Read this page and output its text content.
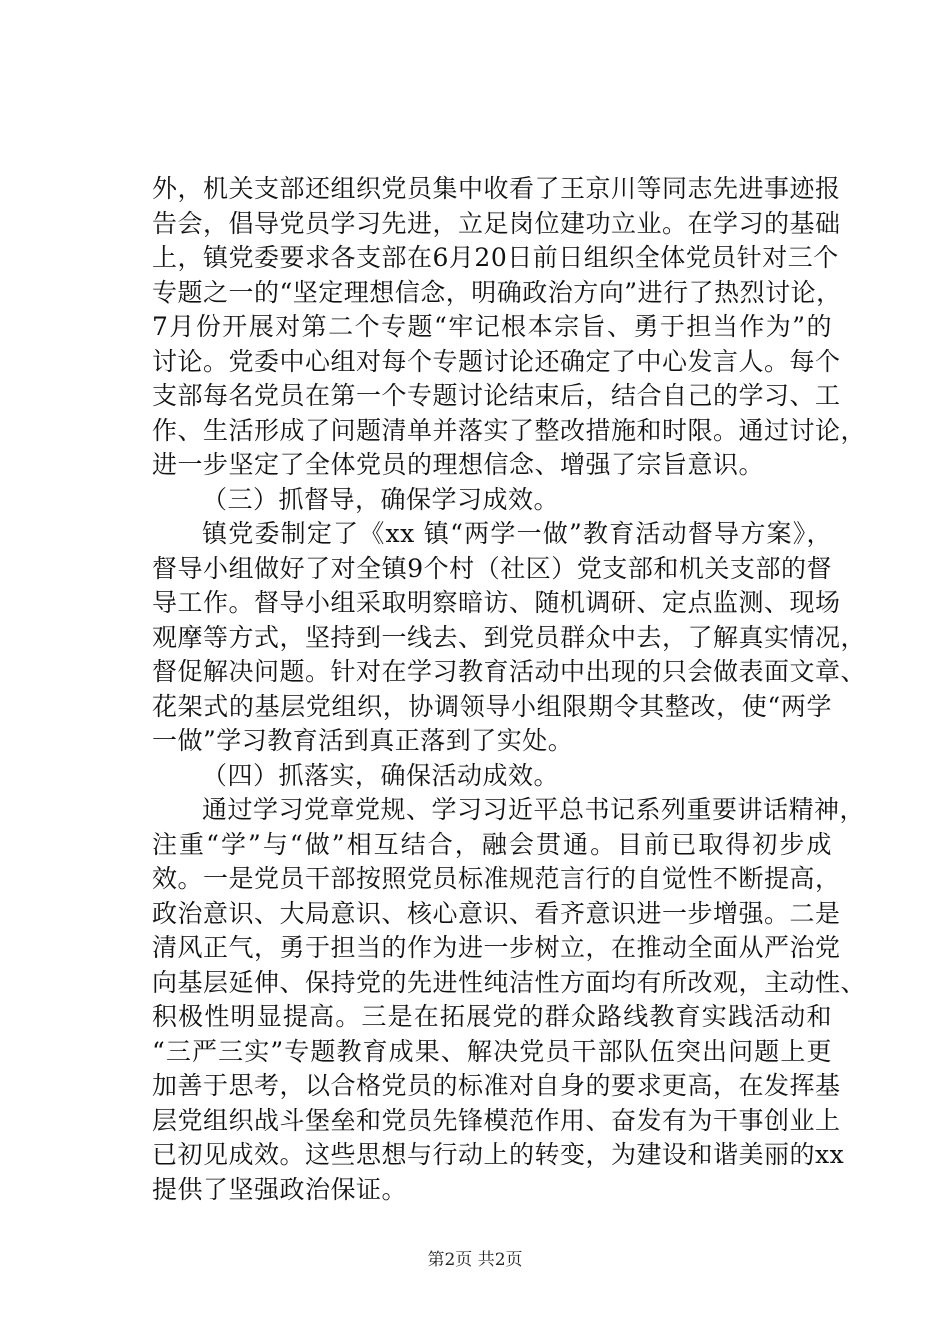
外，机关支部还组织党员集中收看了王京川等同志先进事迹报
告会，倡导党员学习先进，立足岗位建功立业。在学习的基础
上，镇党委要求各支部在6月20日前日组织全体党员针对三个
专题之一的“坚定理想信念，明确政治方向”进行了热烈讨论，
7月份开展对第二个专题“牢记根本宗旨、勇于担当作为”的
讨论。党委中心组对每个专题讨论还确定了中心发言人。每个
支部每名党员在第一个专题讨论结束后，结合自己的学习、工
作、生活形成了问题清单并落实了整改措施和时限。通过讨论，
进一步坚定了全体党员的理想信念、增强了宗旨意识。
（三）抓督导，确保学习成效。
镇党委制定了《xx 镇“两学一做”教育活动督导方案》，
督导小组做好了对全镇9个村（社区）党支部和机关支部的督
导工作。督导小组采取明察暗访、随机调研、定点监测、现场
观摩等方式，坚持到一线去、到党员群众中去，了解真实情况，
督促解决问题。针对在学习教育活动中出现的只会做表面文章、
花架式的基层党组织，协调领导小组限期令其整改，使“两学
一做”学习教育活到真正落到了实处。
（四）抓落实，确保活动成效。
通过学习党章党规、学习习近平总书记系列重要讲话精神，
注重“学”与“做”相互结合，融会贯通。目前已取得初步成
效。一是党员干部按照党员标准规范言行的自觉性不断提高，
政治意识、大局意识、核心意识、看齐意识进一步增强。二是
清风正气，勇于担当的作为进一步树立，在推动全面从严治党
向基层延伸、保持党的先进性纯洁性方面均有所改观，主动性、
积极性明显提高。三是在拓展党的群众路线教育实践活动和
“三严三实”专题教育成果、解决党员干部队伍突出问题上更
加善于思考，以合格党员的标准对自身的要求更高，在发挥基
层党组织战斗堡垒和党员先锋模范作用、奋发有为干事创业上
已初见成效。这些思想与行动上的转变，为建设和谐美丽的xx
提供了坚强政治保证。
第2页 共2页
